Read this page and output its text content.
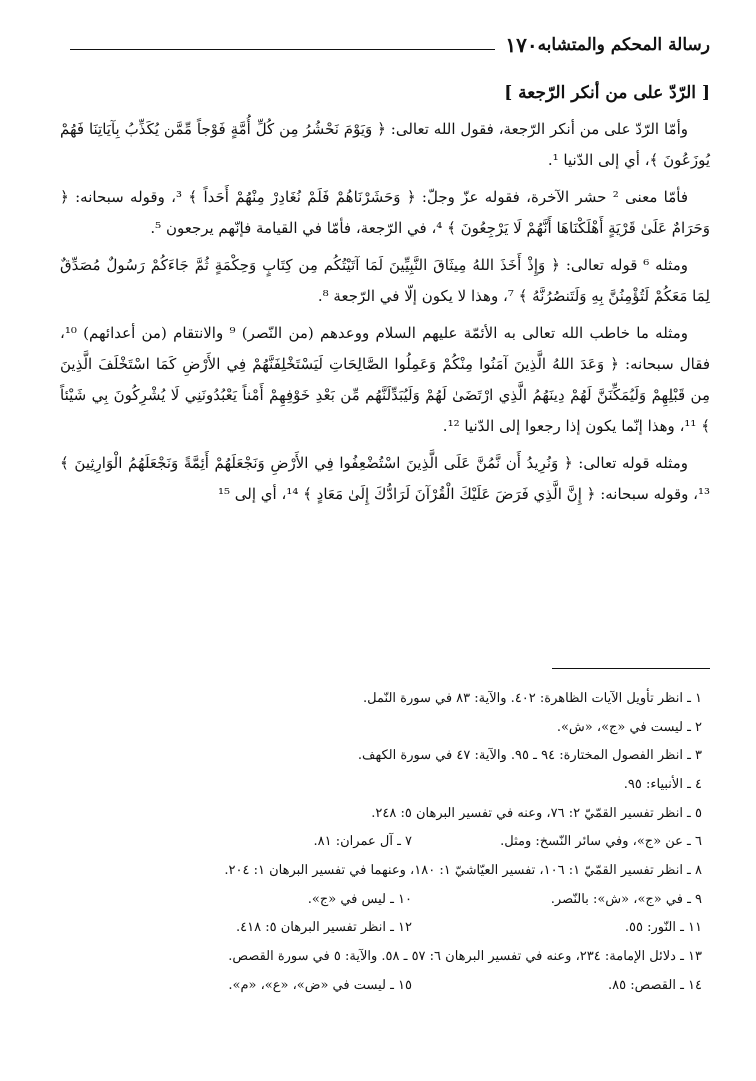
١٧٠ رسالة المحكم والمتشابه
[ الرّدّ على من أنكر الرّجعة ]

وأمّا الرّدّ على من أنكر الرّجعة، فقول الله تعالى: ﴿ وَيَوْمَ نَحْشُرُ مِن كُلِّ أُمَّةٍ فَوْجاً مِّمَّن يُكَذِّبُ بِآيَاتِنَا فَهُمْ يُوزَعُونَ ﴾، أي إلى الدّنيا ¹.

فأمّا معنى ² حشر الآخرة، فقوله عزّ وجلّ: ﴿ وَحَشَرْنَاهُمْ فَلَمْ نُغَادِرْ مِنْهُمْ أَحَداً ﴾ ³، وقوله سبحانه: ﴿ وَحَرَامٌ عَلَىٰ قَرْيَةٍ أَهْلَكْنَاهَا أَنَّهُمْ لَا يَرْجِعُونَ ﴾ ⁴، في الرّجعة، فأمّا في القيامة فإنّهم يرجعون ⁵.

ومثله ⁶ قوله تعالى: ﴿ وَإِذْ أَخَذَ اللهُ مِيثَاقَ النَّبِيِّينَ لَمَا آتَيْتُكُم مِن كِتَابٍ وَحِكْمَةٍ ثُمَّ جَاءَكُمْ رَسُولٌ مُصَدِّقٌ لِمَا مَعَكُمْ لَتُؤْمِنُنَّ بِهِ وَلَتَنصُرُنَّهُ ﴾ ⁷، وهذا لا يكون إلّا في الرّجعة ⁸.

ومثله ما خاطب الله تعالى به الأئمّة عليهم السلام ووعدهم (من النّصر) ⁹ والانتقام (من أعدائهم) ¹⁰، فقال سبحانه: ﴿ وَعَدَ اللهُ الَّذِينَ آمَنُوا مِنْكُمْ وَعَمِلُوا الصَّالِحَاتِ لَيَسْتَخْلِفَنَّهُمْ فِي الأَرْضِ كَمَا اسْتَخْلَفَ الَّذِينَ مِن قَبْلِهِمْ وَلَيُمَكِّنَنَّ لَهُمْ دِينَهُمُ الَّذِي ارْتَضَىٰ لَهُمْ وَلَيُبَدِّلَنَّهُم مِّن بَعْدِ خَوْفِهِمْ أَمْناً يَعْبُدُونَنِي لَا يُشْرِكُونَ بِي شَيْئاً ﴾ ¹¹، وهذا إنّما يكون إذا رجعوا إلى الدّنيا ¹².

ومثله قوله تعالى: ﴿ وَنُرِيدُ أَن نَّمُنَّ عَلَى الَّذِينَ اسْتُضْعِفُوا فِي الأَرْضِ وَنَجْعَلَهُمْ أَئِمَّةً وَنَجْعَلَهُمُ الْوَارِثِينَ ﴾ ¹³، وقوله سبحانه: ﴿ إِنَّ الَّذِي فَرَضَ عَلَيْكَ الْقُرْآنَ لَرَادُّكَ إِلَىٰ مَعَادٍ ﴾ ¹⁴، أي إلى ¹⁵

١ ـ انظر تأويل الآيات الظاهرة: ٤٠٢. والآية: ٨٣ في سورة النّمل.
٢ ـ ليست في «ج»، «ش».
٣ ـ انظر الفصول المختارة: ٩٤ ـ ٩٥. والآية: ٤٧ في سورة الكهف.
٤ ـ الأنبياء: ٩٥.
٥ ـ انظر تفسير القمّيّ ٢: ٧٦، وعنه في تفسير البرهان ٥: ٢٤٨.
٦ ـ عن «ج»، وفي سائر النّسخ: ومثل.
٧ ـ آل عمران: ٨١.
٨ ـ انظر تفسير القمّيّ ١: ١٠٦، تفسير العيّاشيّ ١: ١٨٠، وعنهما في تفسير البرهان ١: ٢٠٤.
٩ ـ في «ج»، «ش»: بالنّصر.
١٠ ـ ليس في «ج».
١١ ـ النّور: ٥٥.
١٢ ـ انظر تفسير البرهان ٥: ٤١٨.
١٣ ـ دلائل الإمامة: ٢٣٤، وعنه في تفسير البرهان ٦: ٥٧ ـ ٥٨. والآية: ٥ في سورة القصص.
١٤ ـ القصص: ٨٥.
١٥ ـ ليست في «ض»، «ع»، «م».
